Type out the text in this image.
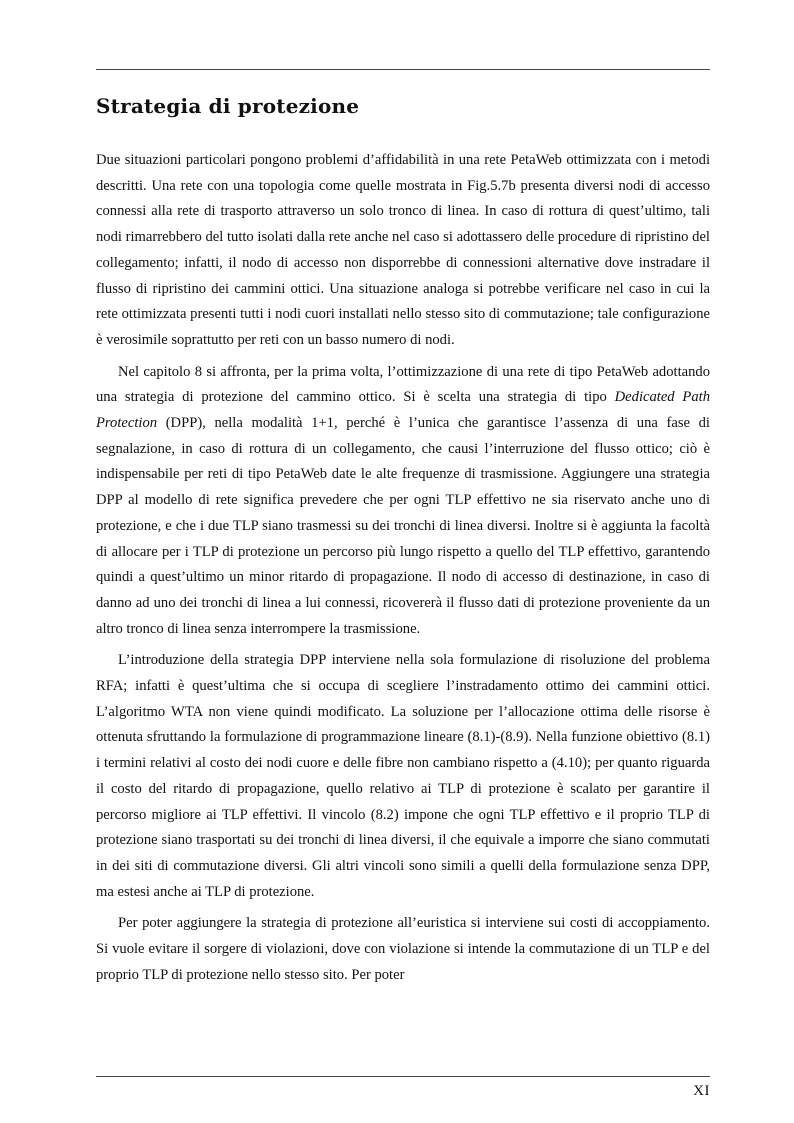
Strategia di protezione

Due situazioni particolari pongono problemi d’affidabilità in una rete PetaWeb ottimizzata con i metodi descritti. Una rete con una topologia come quelle mostrata in Fig.5.7b presenta diversi nodi di accesso connessi alla rete di trasporto attraverso un solo tronco di linea. In caso di rottura di quest’ultimo, tali nodi rimarrebbero del tutto isolati dalla rete anche nel caso si adottassero delle procedure di ripristino del collegamento; infatti, il nodo di accesso non disporrebbe di connessioni alternative dove instradare il flusso di ripristino dei cammini ottici. Una situazione analoga si potrebbe verificare nel caso in cui la rete ottimizzata presenti tutti i nodi cuori installati nello stesso sito di commutazione; tale configurazione è verosimile soprattutto per reti con un basso numero di nodi.

Nel capitolo 8 si affronta, per la prima volta, l’ottimizzazione di una rete di tipo PetaWeb adottando una strategia di protezione del cammino ottico. Si è scelta una strategia di tipo Dedicated Path Protection (DPP), nella modalità 1+1, perché è l’unica che garantisce l’assenza di una fase di segnalazione, in caso di rottura di un collegamento, che causi l’interruzione del flusso ottico; ciò è indispensabile per reti di tipo PetaWeb date le alte frequenze di trasmissione. Aggiungere una strategia DPP al modello di rete significa prevedere che per ogni TLP effettivo ne sia riservato anche uno di protezione, e che i due TLP siano trasmessi su dei tronchi di linea diversi. Inoltre si è aggiunta la facoltà di allocare per i TLP di protezione un percorso più lungo rispetto a quello del TLP effettivo, garantendo quindi a quest’ultimo un minor ritardo di propagazione. Il nodo di accesso di destinazione, in caso di danno ad uno dei tronchi di linea a lui connessi, ricovererà il flusso dati di protezione proveniente da un altro tronco di linea senza interrompere la trasmissione.

L’introduzione della strategia DPP interviene nella sola formulazione di risoluzione del problema RFA; infatti è quest’ultima che si occupa di scegliere l’instradamento ottimo dei cammini ottici. L’algoritmo WTA non viene quindi modificato. La soluzione per l’allocazione ottima delle risorse è ottenuta sfruttando la formulazione di programmazione lineare (8.1)-(8.9). Nella funzione obiettivo (8.1) i termini relativi al costo dei nodi cuore e delle fibre non cambiano rispetto a (4.10); per quanto riguarda il costo del ritardo di propagazione, quello relativo ai TLP di protezione è scalato per garantire il percorso migliore ai TLP effettivi. Il vincolo (8.2) impone che ogni TLP effettivo e il proprio TLP di protezione siano trasportati su dei tronchi di linea diversi, il che equivale a imporre che siano commutati in dei siti di commutazione diversi. Gli altri vincoli sono simili a quelli della formulazione senza DPP, ma estesi anche ai TLP di protezione.

Per poter aggiungere la strategia di protezione all’euristica si interviene sui costi di accoppiamento. Si vuole evitare il sorgere di violazioni, dove con violazione si intende la commutazione di un TLP e del proprio TLP di protezione nello stesso sito. Per poter

XI
